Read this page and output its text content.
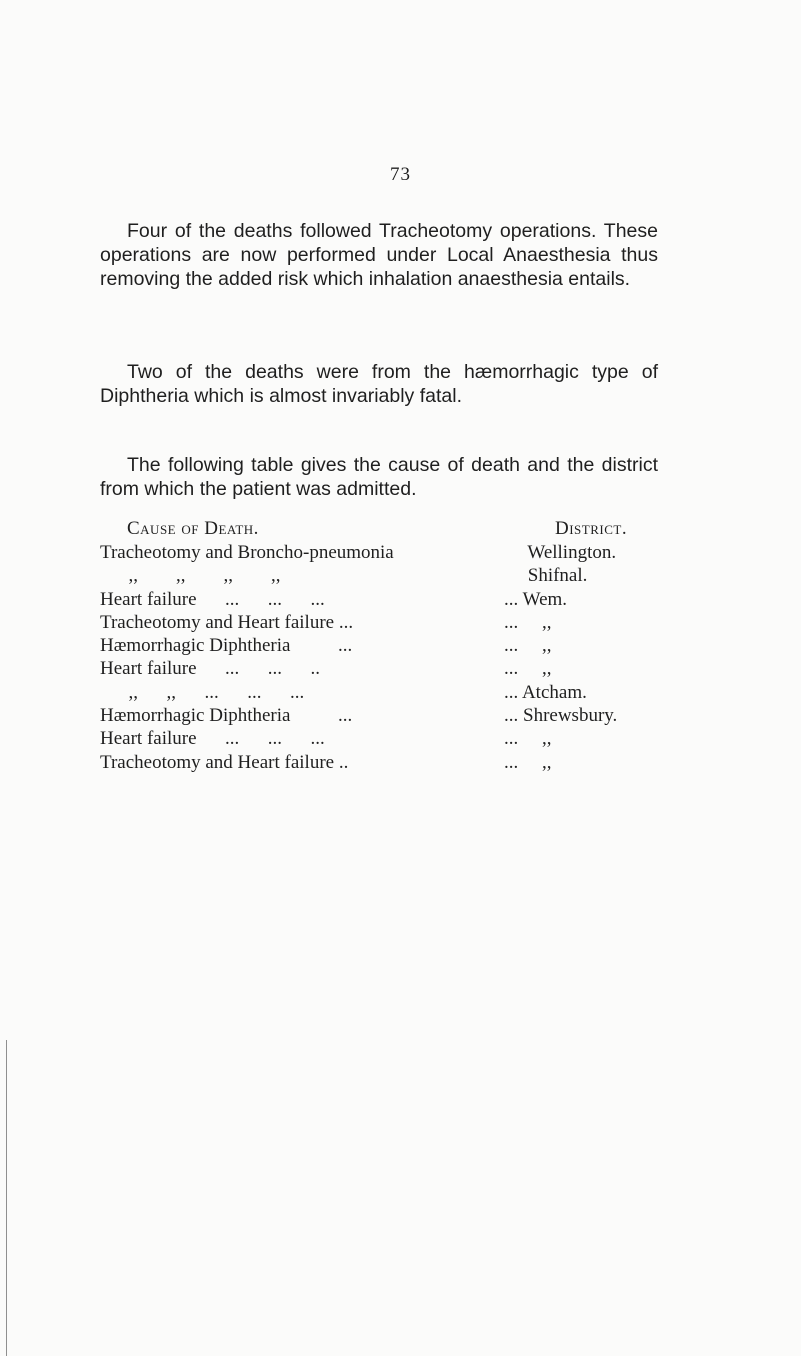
73

Four of the deaths followed Tracheotomy operations. These operations are now performed under Local Anaesthesia thus removing the added risk which inhalation anaesthesia entails.

Two of the deaths were from the hæmorrhagic type of Diphtheria which is almost invariably fatal.

The following table gives the cause of death and the district from which the patient was admitted.

Cause of Death.	District.
Tracheotomy and Broncho-pneumonia	Wellington.
,,        ,,        ,,        ,,	Shifnal.
Heart failure      ...      ...      ...	... Wem.
Tracheotomy and Heart failure ...	...     ,,
Hæmorrhagic Diphtheria          ...	...     ,,
Heart failure      ...      ...      ..	...     ,,
,,      ,,      ...      ...      ...	... Atcham.
Hæmorrhagic Diphtheria          ...	... Shrewsbury.
Heart failure      ...      ...      ...	...     ,,
Tracheotomy and Heart failure ..	...     ,,
